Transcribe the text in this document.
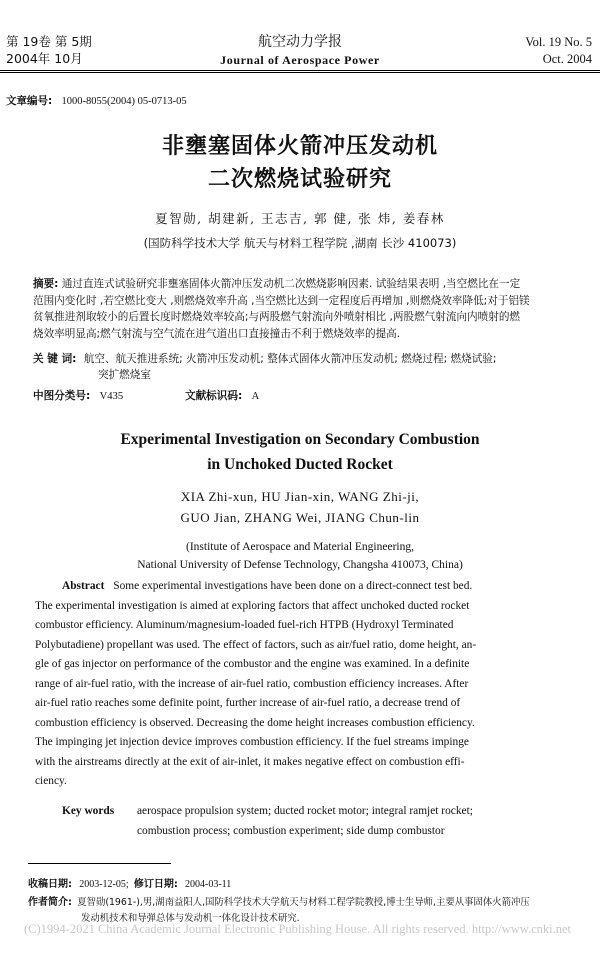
第 19卷 第 5期
2004年 10月
航空动力学报
Journal of Aerospace Power
Vol. 19 No. 5
Oct. 2004
文章编号: 1000-8055(2004) 05-0713-05
非壅塞固体火箭冲压发动机
二次燃烧试验研究
夏智勋, 胡建新, 王志吉, 郭 健, 张 炜, 姜春林
(国防科学技术大学 航天与材料工程学院 ,湖南 长沙 410073)
摘要: 通过直连式试验研究非壅塞固体火箭冲压发动机二次燃烧影响因素. 试验结果表明 ,当空燃比在一定
范围内变化时 ,若空燃比变大 ,则燃烧效率升高 ,当空燃比达到一定程度后再增加 ,则燃烧效率降低;对于铝镁
贫氧推进剂取较小的后置长度时燃烧效率较高;与两股燃气射流向外喷射相比 ,两股燃气射流向内喷射的燃
烧效率明显高;燃气射流与空气流在进气道出口直接撞击不利于燃烧效率的提高.
关 键 词: 航空、航天推进系统; 火箭冲压发动机; 整体式固体火箭冲压发动机; 燃烧过程; 燃烧试验;
突扩燃烧室
中图分类号: V435	文献标识码: A
Experimental Investigation on Secondary Combustion
in Unchoked Ducted Rocket
XIA Zhi-xun, HU Jian-xin, WANG Zhi-ji,
GUO Jian, ZHANG Wei, JIANG Chun-lin
(Institute of Aerospace and Material Engineering,
National University of Defense Technology, Changsha 410073, China)
Abstract Some experimental investigations have been done on a direct-connect test bed.
The experimental investigation is aimed at exploring factors that affect unchoked ducted rocket
combustor efficiency. Aluminum/magnesium-loaded fuel-rich HTPB (Hydroxyl Terminated
Polybutadiene) propellant was used. The effect of factors, such as air/fuel ratio, dome height, an-
gle of gas injector on performance of the combustor and the engine was examined. In a definite
range of air-fuel ratio, with the increase of air-fuel ratio, combustion efficiency increases. After
air-fuel ratio reaches some definite point, further increase of air-fuel ratio, a decrease trend of
combustion efficiency is observed. Decreasing the dome height increases combustion efficiency.
The impinging jet injection device improves combustion efficiency. If the fuel streams impinge
with the airstreams directly at the exit of air-inlet, it makes negative effect on combustion effi-
ciency.
Key words aerospace propulsion system; ducted rocket motor; integral ramjet rocket;
combustion process; combustion experiment; side dump combustor
收稿日期: 2003-12-05; 修订日期: 2004-03-11
作者简介: 夏智勋(1961-),男,湖南益阳人,国防科学技术大学航天与材料工程学院教授,博士生导师,主要从事固体火箭冲压
发动机技术和导弹总体与发动机一体化设计技术研究.
(C)1994-2021 China Academic Journal Electronic Publishing House. All rights reserved. http://www.cnki.net
